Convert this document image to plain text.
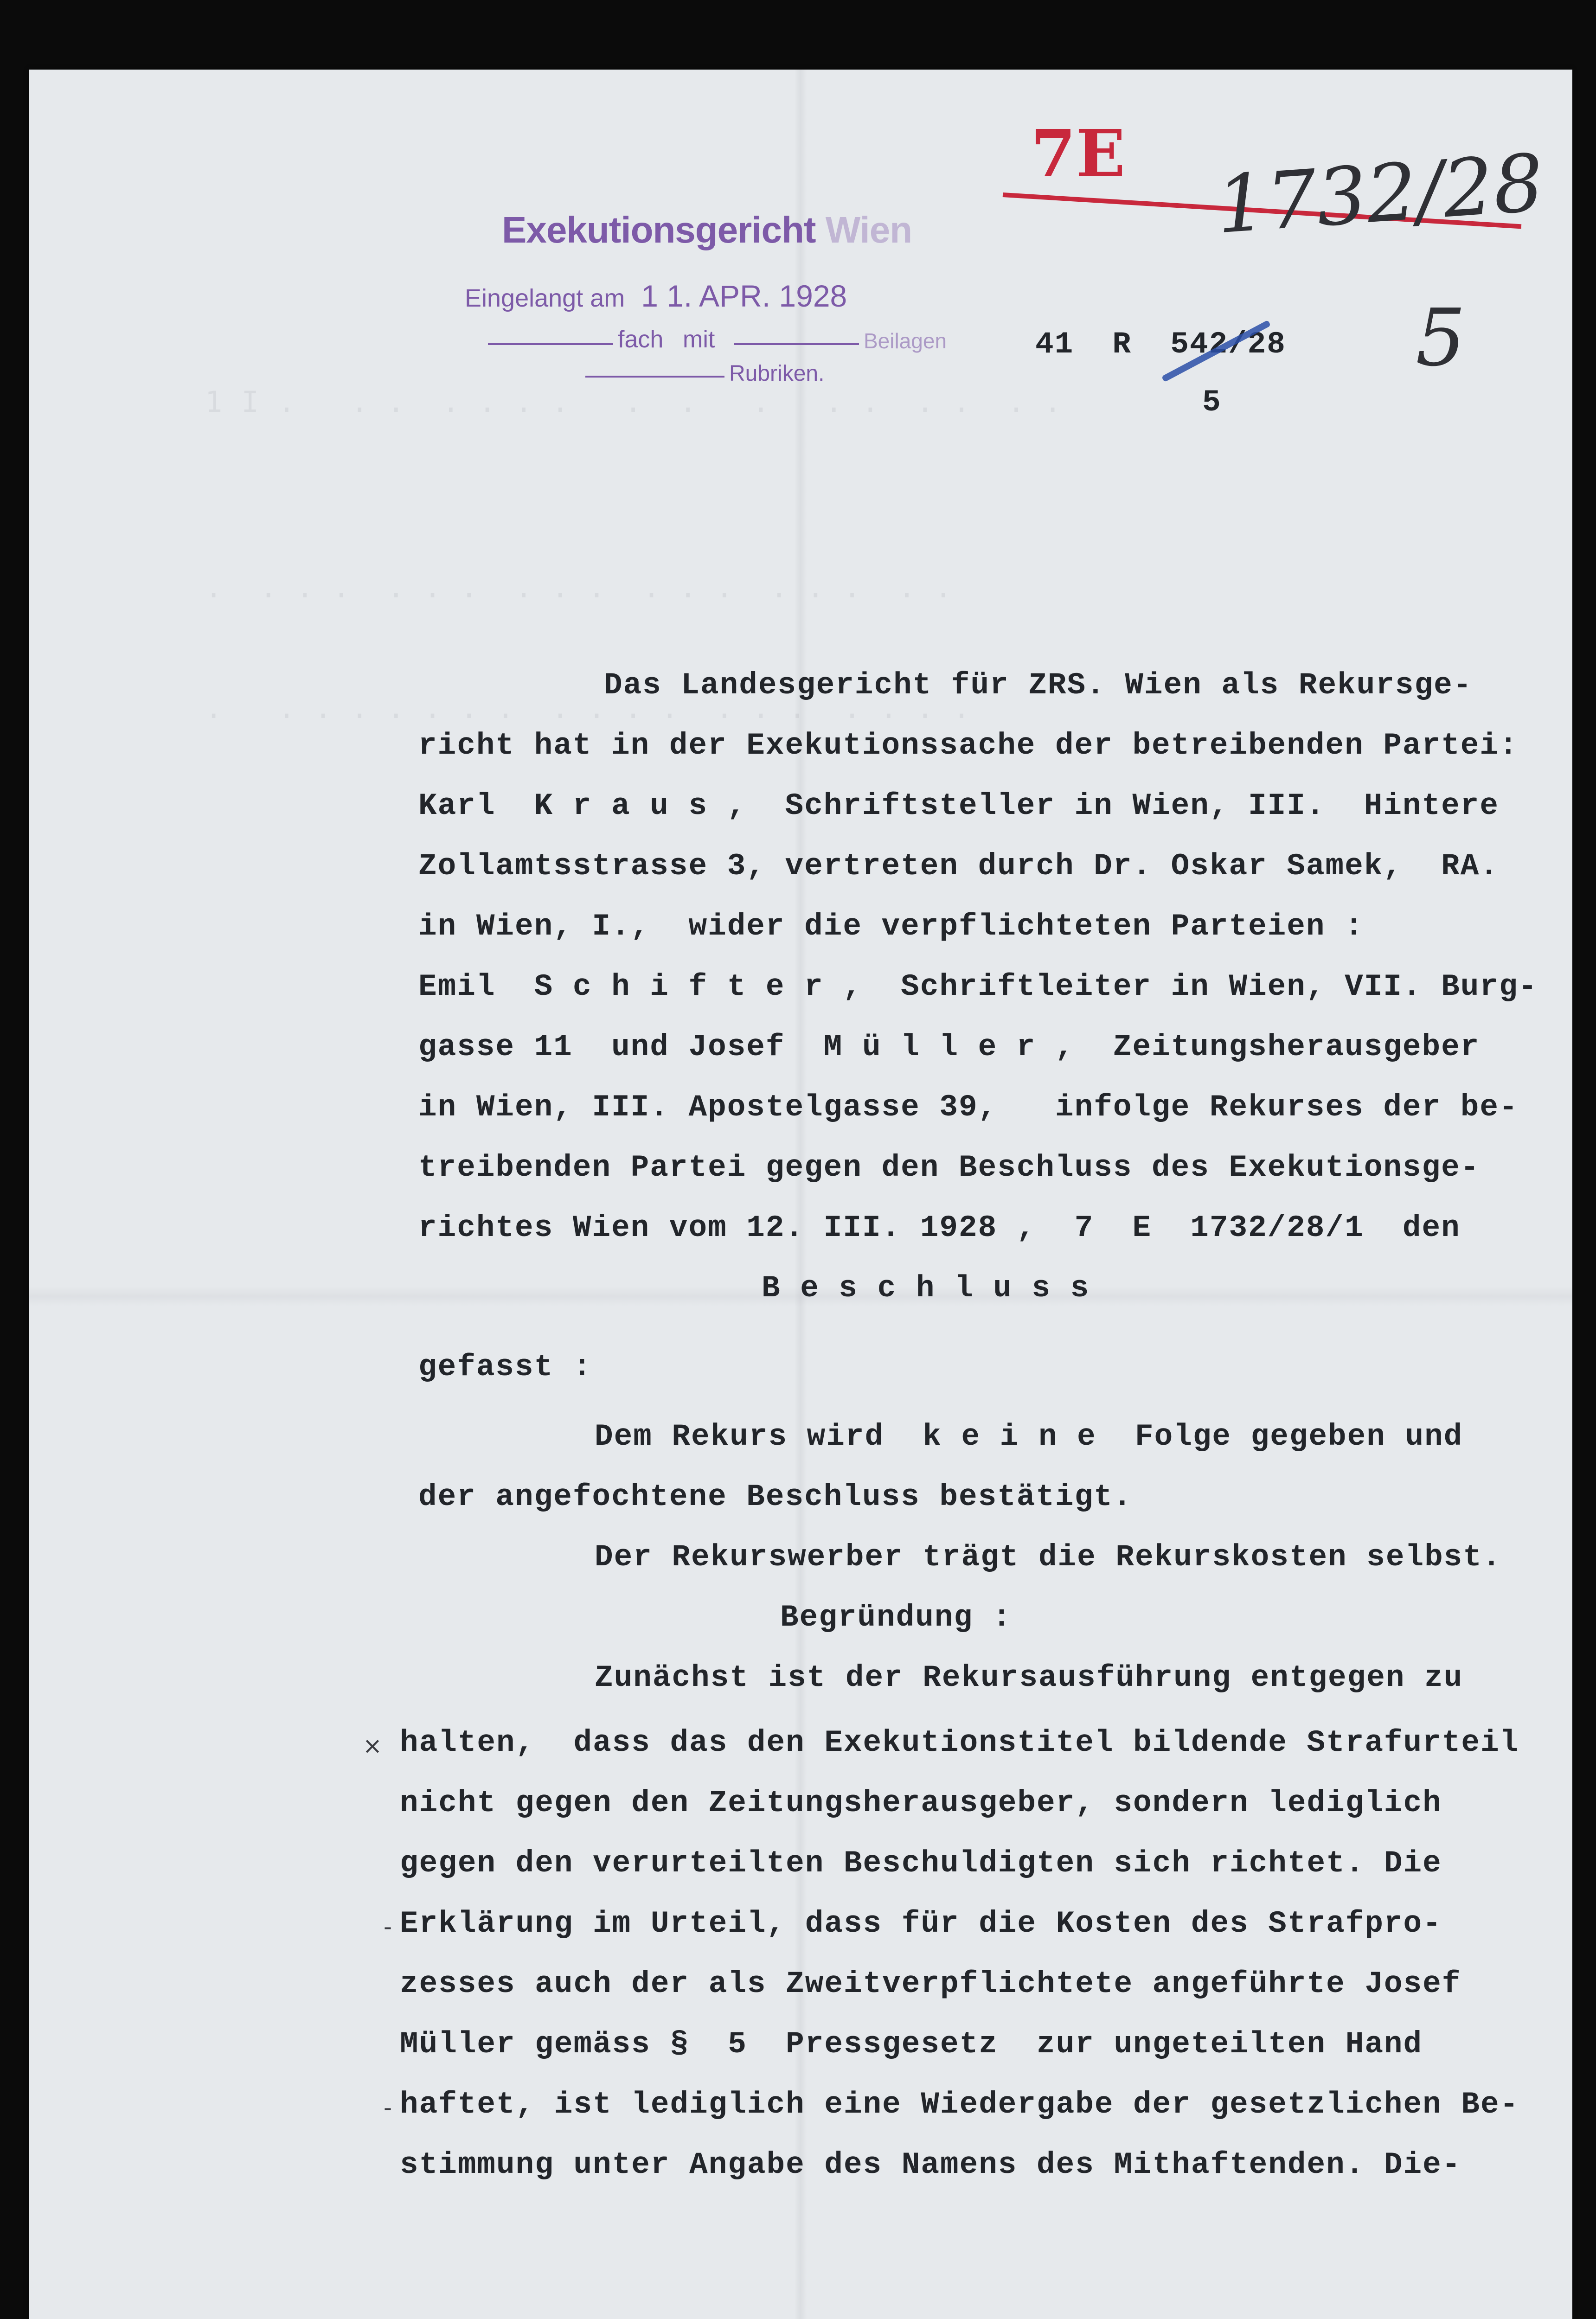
1 I .   . .  . . . .   .  .   .   . .  . .  . .
.  . . .  . . .  . . .  . . .  . . .  . .
.   . . . . . . .  . . . .  . . .  . . . .
Exekutionsgericht Wien
Eingelangt am 1 1. APR. 1928
fach mit	Beilagen
Rubriken.
7E 1732/28
5
41  R  542/28
5
Das Landesgericht für ZRS. Wien als Rekursge-
richt hat in der Exekutionssache der betreibenden Partei:
Karl  K r a u s ,  Schriftsteller in Wien, III.  Hintere
Zollamtsstrasse 3, vertreten durch Dr. Oskar Samek,  RA.
in Wien, I.,  wider die verpflichteten Parteien :
Emil  S c h i f t e r ,  Schriftleiter in Wien, VII. Burg-
gasse 11  und Josef  M ü l l e r ,  Zeitungsherausgeber
in Wien, III. Apostelgasse 39,   infolge Rekurses der be-
treibenden Partei gegen den Beschluss des Exekutionsge-
richtes Wien vom 12. III. 1928 ,  7  E  1732/28/1  den
B e s c h l u s s
gefasst :
Dem Rekurs wird  k e i n e  Folge gegeben und
der angefochtene Beschluss bestätigt.
Der Rekurswerber trägt die Rekurskosten selbst.
Begründung :
Zunächst ist der Rekursausführung entgegen zu
halten,  dass das den Exekutionstitel bildende Strafurteil
nicht gegen den Zeitungsherausgeber, sondern lediglich
gegen den verurteilten Beschuldigten sich richtet. Die
Erklärung im Urteil, dass für die Kosten des Strafpro-
zesses auch der als Zweitverpflichtete angeführte Josef
Müller gemäss §  5  Pressgesetz  zur ungeteilten Hand
haftet, ist lediglich eine Wiedergabe der gesetzlichen Be-
stimmung unter Angabe des Namens des Mithaftenden. Die-
×
-
-
